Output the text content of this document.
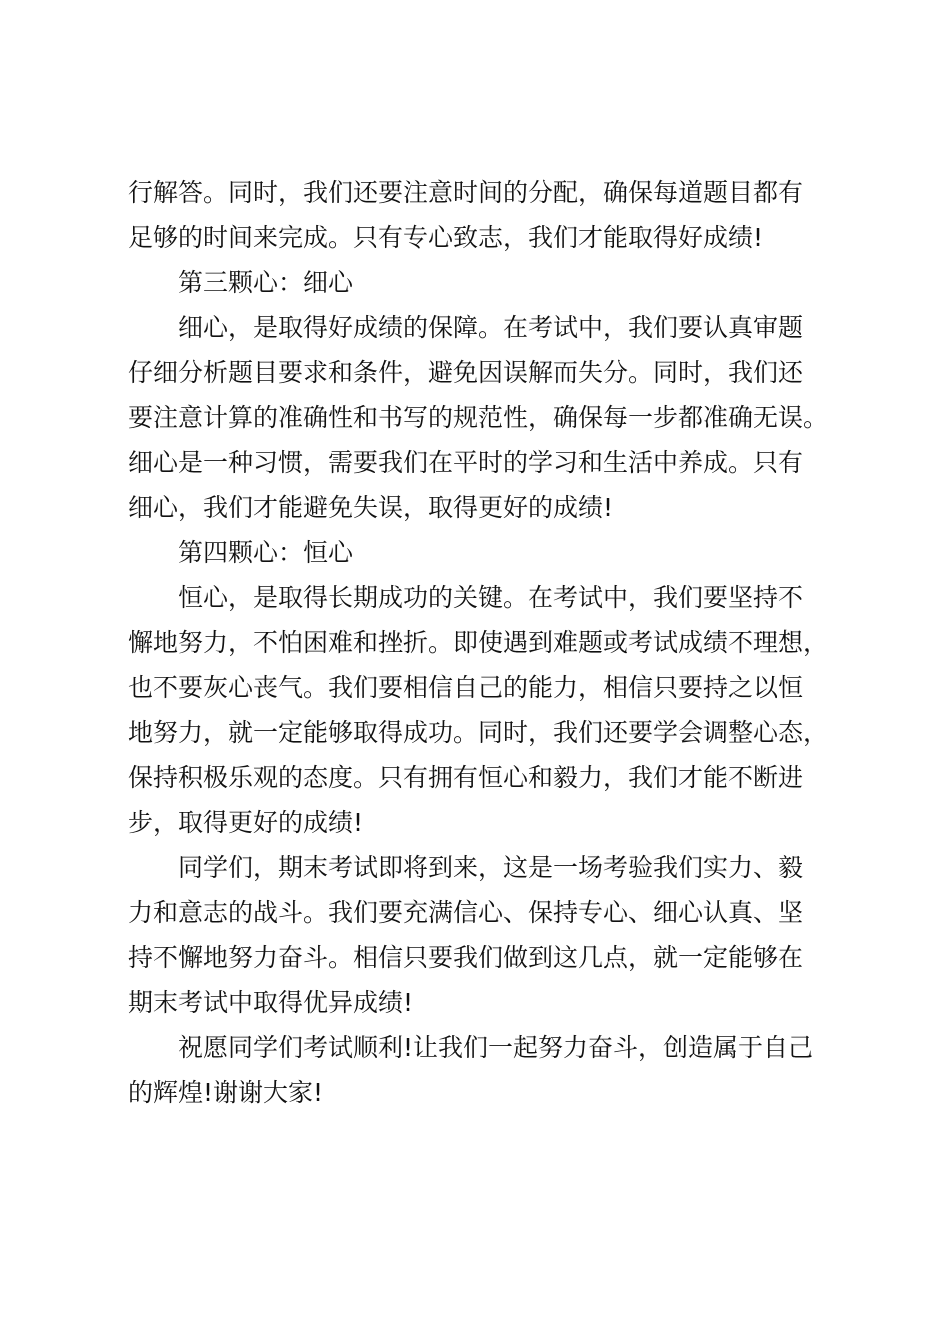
行解答。同时，我们还要注意时间的分配，确保每道题目都有

足够的时间来完成。只有专心致志，我们才能取得好成绩!

第三颗心：细心

细心，是取得好成绩的保障。在考试中，我们要认真审题

仔细分析题目要求和条件，避免因误解而失分。同时，我们还

要注意计算的准确性和书写的规范性，确保每一步都准确无误。

细心是一种习惯，需要我们在平时的学习和生活中养成。只有

细心，我们才能避免失误，取得更好的成绩!

第四颗心：恒心

恒心，是取得长期成功的关键。在考试中，我们要坚持不

懈地努力，不怕困难和挫折。即使遇到难题或考试成绩不理想，

也不要灰心丧气。我们要相信自己的能力，相信只要持之以恒

地努力，就一定能够取得成功。同时，我们还要学会调整心态，

保持积极乐观的态度。只有拥有恒心和毅力，我们才能不断进

步，取得更好的成绩!

同学们，期末考试即将到来，这是一场考验我们实力、毅

力和意志的战斗。我们要充满信心、保持专心、细心认真、坚

持不懈地努力奋斗。相信只要我们做到这几点，就一定能够在

期末考试中取得优异成绩!

祝愿同学们考试顺利!让我们一起努力奋斗，创造属于自己

的辉煌!谢谢大家!
